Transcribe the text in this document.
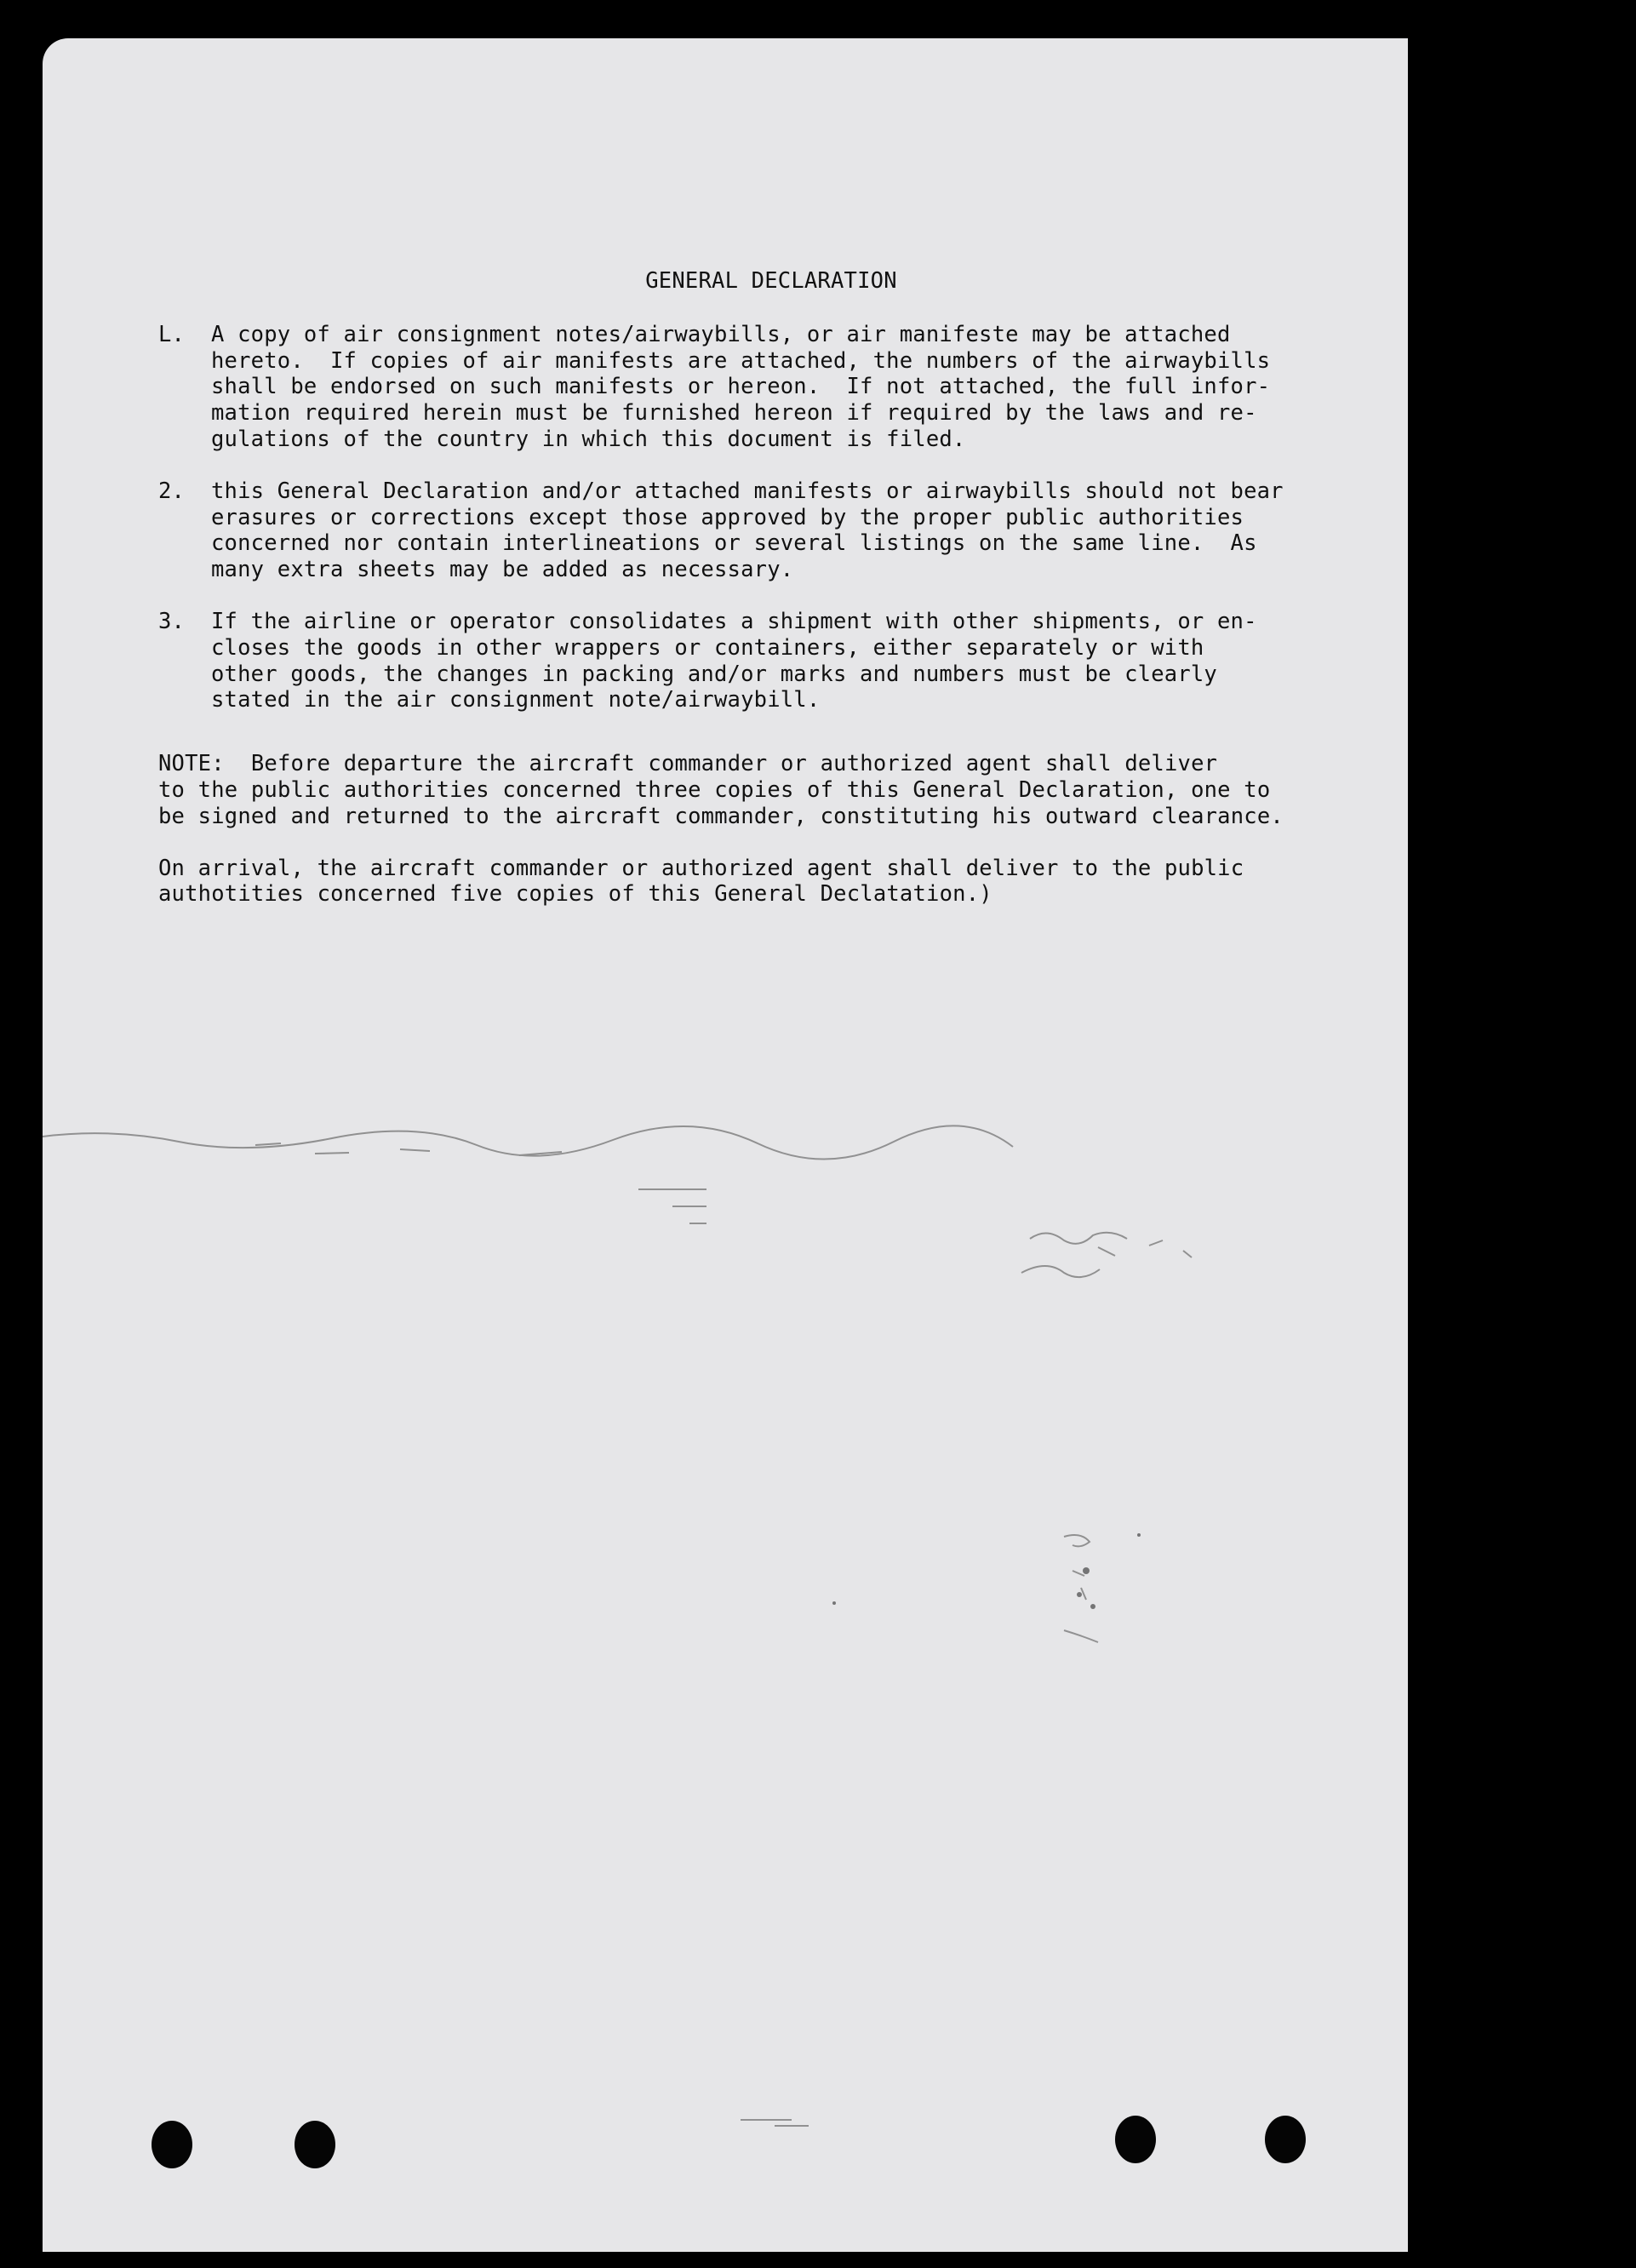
GENERAL DECLARATION
L.	A copy of air consignment notes/airwaybills, or air manifeste may be attached
hereto.  If copies of air manifests are attached, the numbers of the airwaybills
shall be endorsed on such manifests or hereon.  If not attached, the full infor-
mation required herein must be furnished hereon if required by the laws and re-
gulations of the country in which this document is filed.
2.	this General Declaration and/or attached manifests or airwaybills should not bear
erasures or corrections except those approved by the proper public authorities
concerned nor contain interlineations or several listings on the same line.  As
many extra sheets may be added as necessary.
3.	If the airline or operator consolidates a shipment with other shipments, or en-
closes the goods in other wrappers or containers, either separately or with
other goods, the changes in packing and/or marks and numbers must be clearly
stated in the air consignment note/airwaybill.
NOTE:  Before departure the aircraft commander or authorized agent shall deliver
to the public authorities concerned three copies of this General Declaration, one to
be signed and returned to the aircraft commander, constituting his outward clearance.
On arrival, the aircraft commander or authorized agent shall deliver to the public
authotities concerned five copies of this General Declatation.)
